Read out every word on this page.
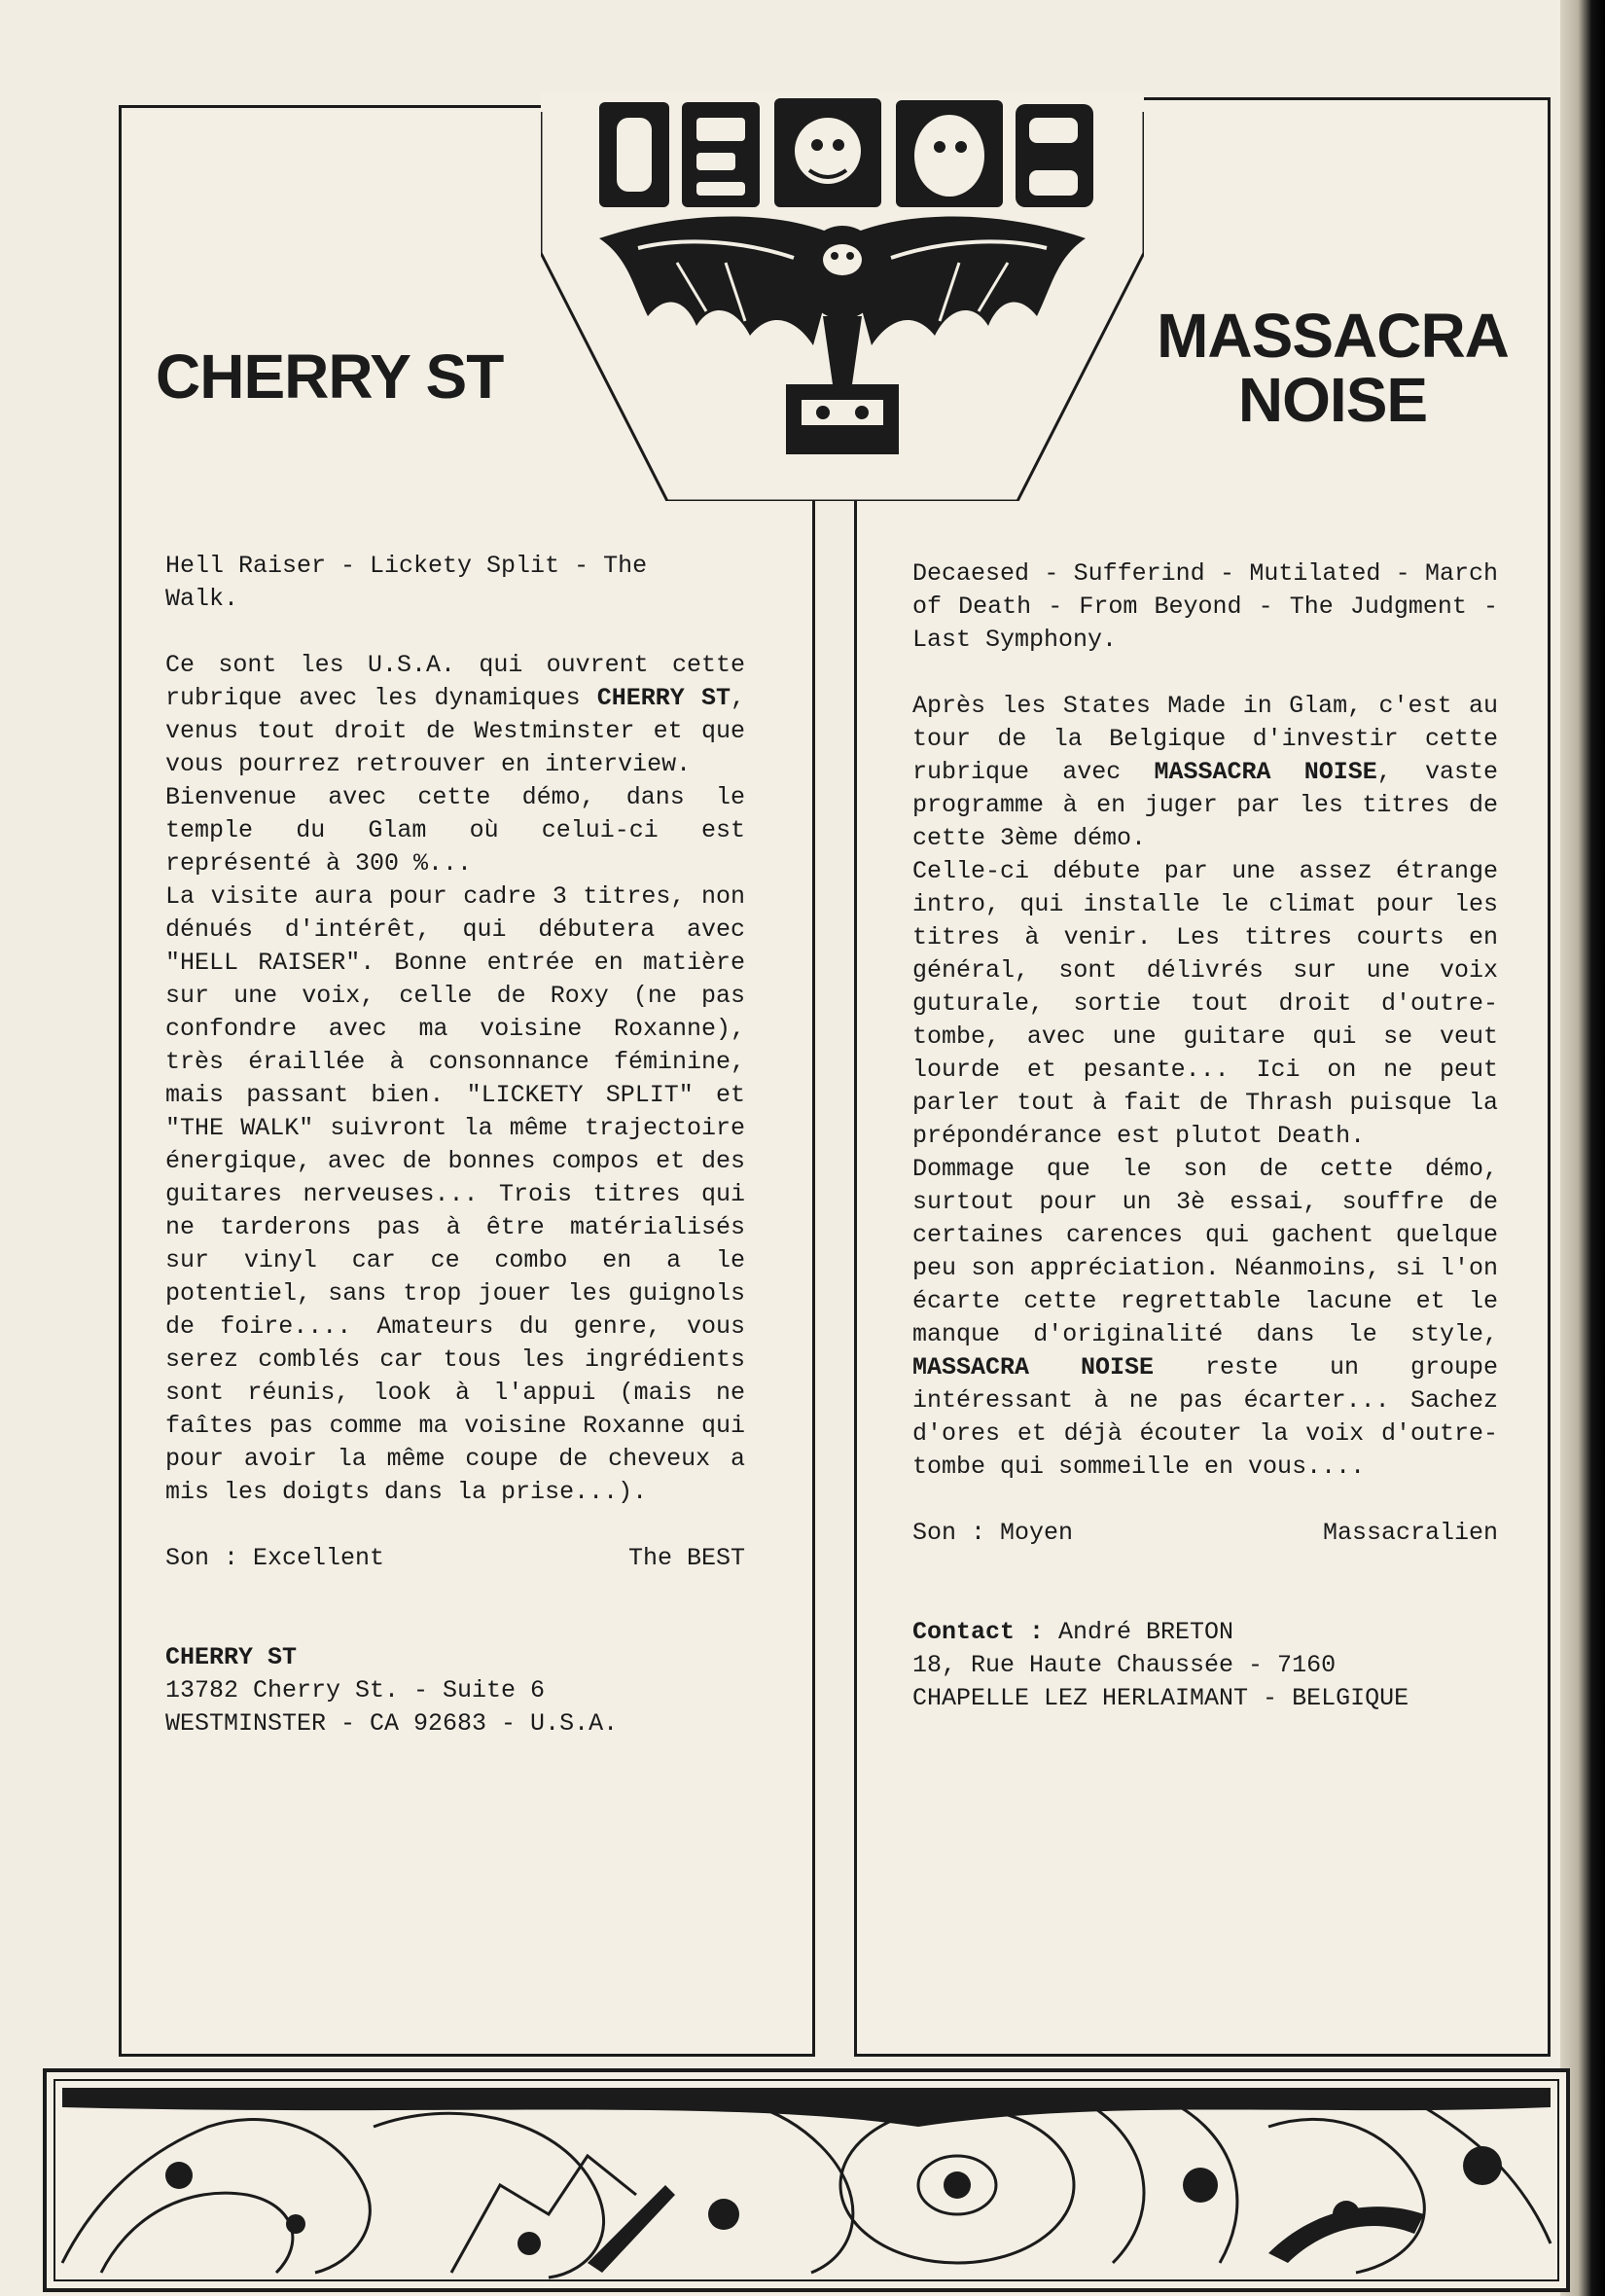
CHERRY ST
MASSACRA
NOISE

Hell Raiser - Lickety Split - The
Walk.

Ce sont les U.S.A. qui ouvrent cette rubrique avec les dynamiques CHERRY ST, venus tout droit de Westminster et que vous pourrez retrouver en interview.

Bienvenue avec cette démo, dans le temple du Glam où celui-ci est représenté à 300 %...

La visite aura pour cadre 3 titres, non dénués d'intérêt, qui débutera avec "HELL RAISER". Bonne entrée en matière sur une voix, celle de Roxy (ne pas confondre avec ma voisine Roxanne), très éraillée à consonnance féminine, mais passant bien. "LICKETY SPLIT" et "THE WALK" suivront la même trajectoire énergique, avec de bonnes compos et des guitares nerveuses... Trois titres qui ne tarderons pas à être matérialisés sur vinyl car ce combo en a le potentiel, sans trop jouer les guignols de foire.... Amateurs du genre, vous serez comblés car tous les ingrédients sont réunis, look à l'appui (mais ne faîtes pas comme ma voisine Roxanne qui pour avoir la même coupe de cheveux a mis les doigts dans la prise...).

Son : Excellent	The BEST

CHERRY ST
13782 Cherry St. - Suite 6
WESTMINSTER - CA 92683 - U.S.A.

Decaesed - Sufferind - Mutilated - March of Death - From Beyond - The Judgment - Last Symphony.

Après les States Made in Glam, c'est au tour de la Belgique d'investir cette rubrique avec MASSACRA NOISE, vaste programme à en juger par les titres de cette 3ème démo.

Celle-ci débute par une assez étrange intro, qui installe le climat pour les titres à venir. Les titres courts en général, sont délivrés sur une voix guturale, sortie tout droit d'outre-tombe, avec une guitare qui se veut lourde et pesante... Ici on ne peut parler tout à fait de Thrash puisque la prépondérance est plutot Death.

Dommage que le son de cette démo, surtout pour un 3è essai, souffre de certaines carences qui gachent quelque peu son appréciation. Néanmoins, si l'on écarte cette regrettable lacune et le manque d'originalité dans le style, MASSACRA NOISE reste un groupe intéressant à ne pas écarter... Sachez d'ores et déjà écouter la voix d'outre-tombe qui sommeille en vous....

Son : Moyen	Massacralien

Contact : André BRETON
18, Rue Haute Chaussée - 7160
CHAPELLE LEZ HERLAIMANT - BELGIQUE
